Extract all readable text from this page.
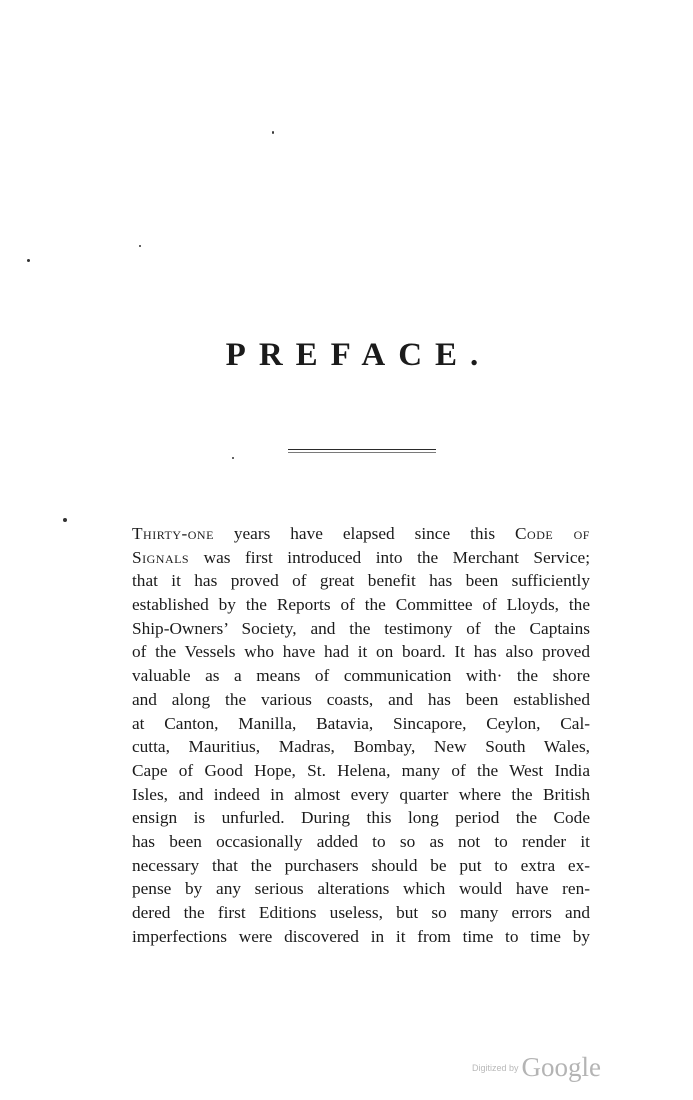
PREFACE.
Thirty-one years have elapsed since this Code of
Signals was first introduced into the Merchant Service;
that it has proved of great benefit has been sufficiently
established by the Reports of the Committee of Lloyds, the
Ship-Owners’ Society, and the testimony of the Captains
of the Vessels who have had it on board. It has also proved
valuable as a means of communication with· the shore
and along the various coasts, and has been established
at Canton, Manilla, Batavia, Sincapore, Ceylon, Cal-
cutta, Mauritius, Madras, Bombay, New South Wales,
Cape of Good Hope, St. Helena, many of the West India
Isles, and indeed in almost every quarter where the British
ensign is unfurled. During this long period the Code
has been occasionally added to so as not to render it
necessary that the purchasers should be put to extra ex-
pense by any serious alterations which would have ren-
dered the first Editions useless, but so many errors and
imperfections were discovered in it from time to time by
Digitized by Google
